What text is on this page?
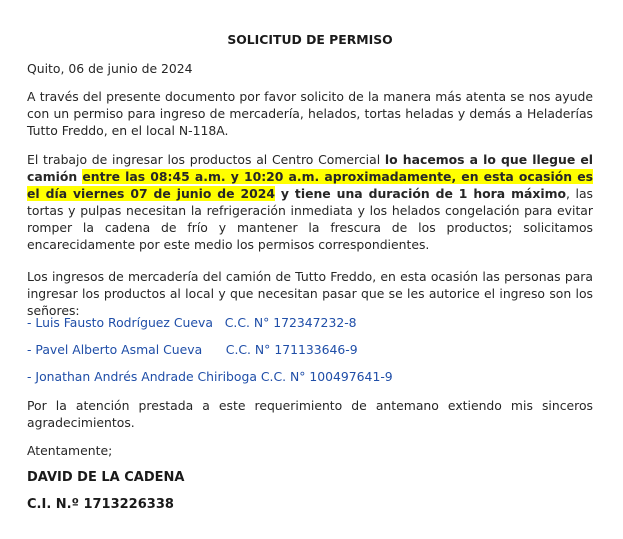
SOLICITUD DE PERMISO

Quito, 06 de junio de 2024

A través del presente documento por favor solicito de la manera más atenta se nos ayude con un permiso para ingreso de mercadería, helados, tortas heladas y demás a Heladerías Tutto Freddo, en el local N-118A.

El trabajo de ingresar los productos al Centro Comercial lo hacemos a lo que llegue el camión entre las 08:45 a.m. y 10:20 a.m. aproximadamente, en esta ocasión es el día viernes 07 de junio de 2024 y tiene una duración de 1 hora máximo, las tortas y pulpas necesitan la refrigeración inmediata y los helados congelación para evitar romper la cadena de frío y mantener la frescura de los productos; solicitamos encarecidamente por este medio los permisos correspondientes.

Los ingresos de mercadería del camión de Tutto Freddo, en esta ocasión las personas para ingresar los productos al local y que necesitan pasar que se les autorice el ingreso son los señores:

- Luis Fausto Rodríguez Cueva   C.C. N° 172347232-8
- Pavel Alberto Asmal Cueva      C.C. N° 171133646-9
- Jonathan Andrés Andrade Chiriboga C.C. N° 100497641-9

Por la atención prestada a este requerimiento de antemano extiendo mis sinceros agradecimientos.

Atentamente;

DAVID DE LA CADENA
C.I. N.º 1713226338
